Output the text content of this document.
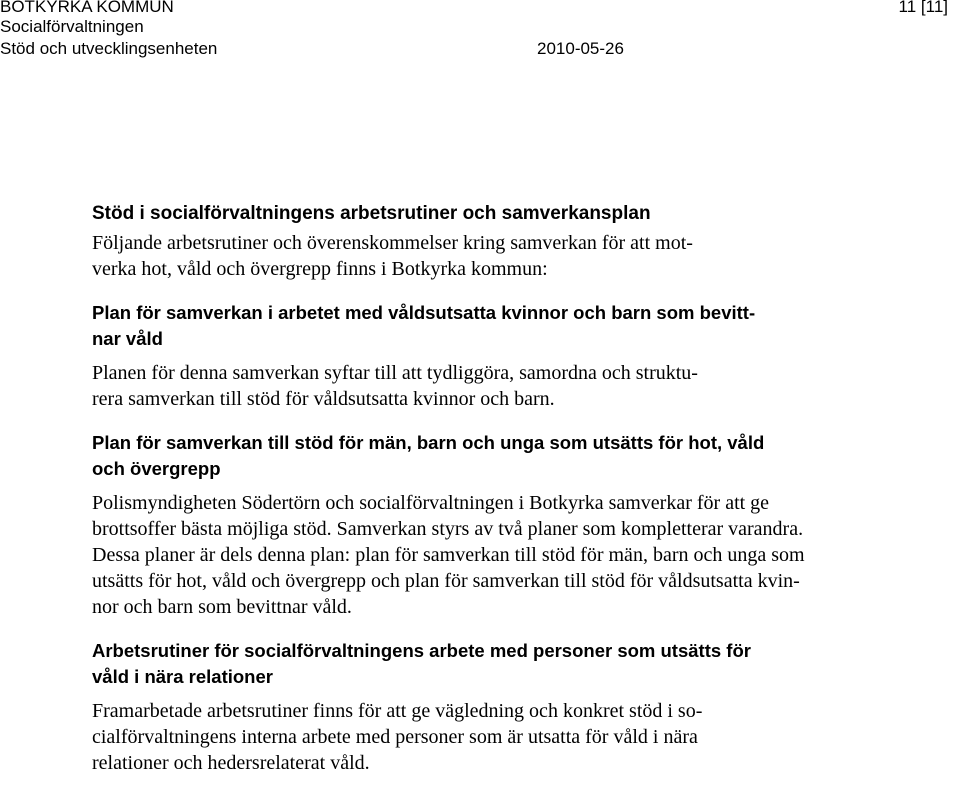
BOTKYRKA KOMMUN
Socialförvaltningen
Stöd och utvecklingsenheten	2010-05-26
11 [11]
Stöd i socialförvaltningens arbetsrutiner och samverkansplan

Följande arbetsrutiner och överenskommelser kring samverkan för att mot-
verka hot, våld och övergrepp finns i Botkyrka kommun:

Plan för samverkan i arbetet med våldsutsatta kvinnor och barn som bevitt-
nar våld

Planen för denna samverkan syftar till att tydliggöra, samordna och struktu-
rera samverkan till stöd för våldsutsatta kvinnor och barn.

Plan för samverkan till stöd för män, barn och unga som utsätts för hot, våld
och övergrepp

Polismyndigheten Södertörn och socialförvaltningen i Botkyrka samverkar för att ge
brottsoffer bästa möjliga stöd. Samverkan styrs av två planer som kompletterar varandra.
Dessa planer är dels denna plan: plan för samverkan till stöd för män, barn och unga som
utsätts för hot, våld och övergrepp och plan för samverkan till stöd för våldsutsatta kvin-
nor och barn som bevittnar våld.

Arbetsrutiner för socialförvaltningens arbete med personer som utsätts för
våld i nära relationer

Framarbetade arbetsrutiner finns för att ge vägledning och konkret stöd i so-
cialförvaltningens interna arbete med personer som är utsatta för våld i nära
relationer och hedersrelaterat våld.
